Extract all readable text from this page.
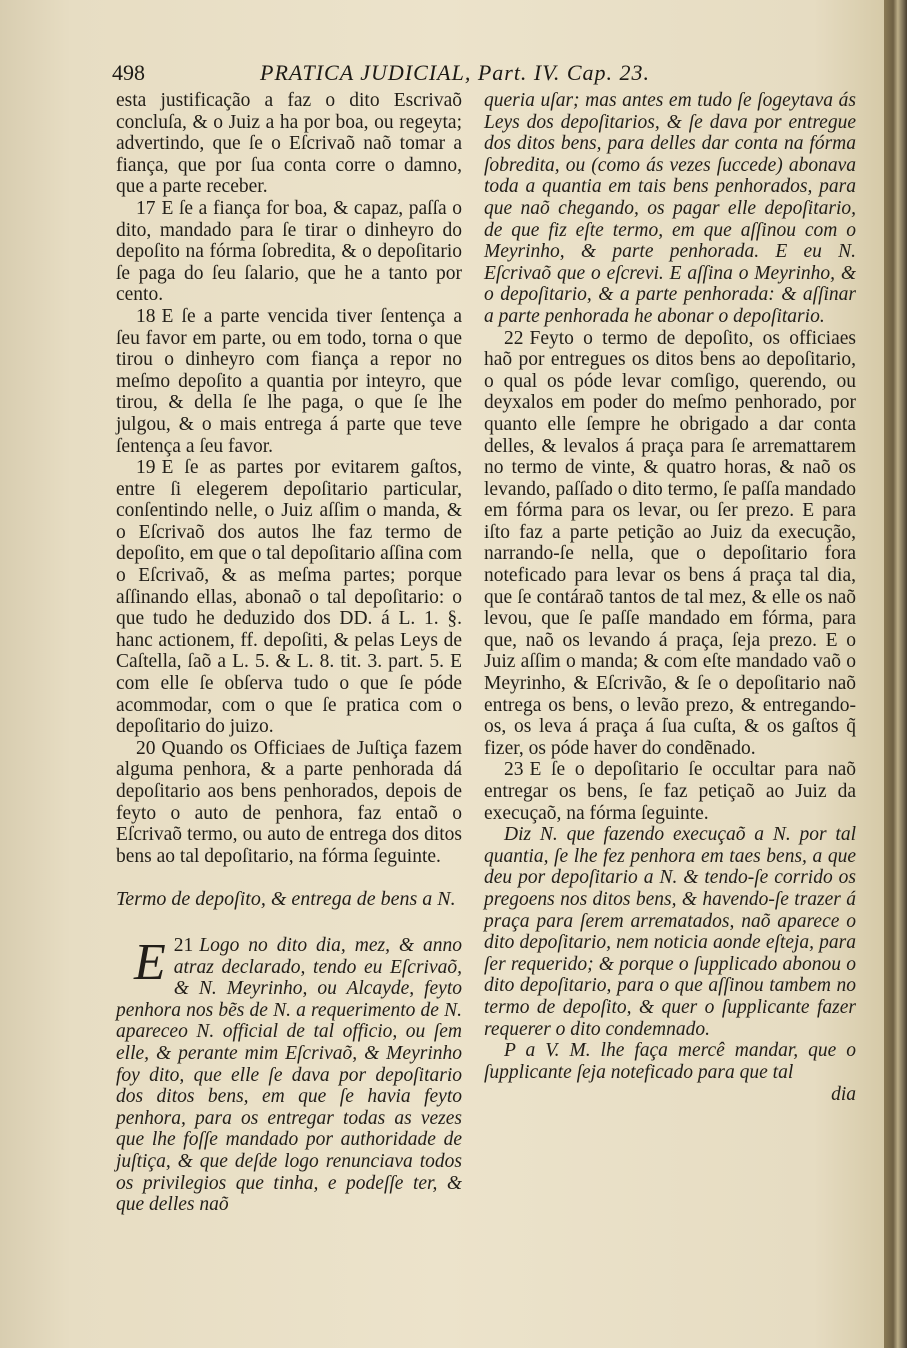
498	PRATICA JUDICIAL, Part. IV. Cap. 23.

esta justificação a faz o dito Escrivaõ concluſa, & o Juiz a ha por boa, ou regeyta; advertindo, que ſe o Eſcrivaõ naõ tomar a fiança, que por ſua conta corre o damno, que a parte receber.

17 E ſe a fiança for boa, & capaz, paſſa o dito, mandado para ſe tirar o dinheyro do depoſito na fórma ſobredita, & o depoſitario ſe paga do ſeu ſalario, que he a tanto por cento.

18 E ſe a parte vencida tiver ſentença a ſeu favor em parte, ou em todo, torna o que tirou o dinheyro com fiança a repor no meſmo depoſito a quantia por inteyro, que tirou, & della ſe lhe paga, o que ſe lhe julgou, & o mais entrega á parte que teve ſentença a ſeu favor.

19 E ſe as partes por evitarem gaſtos, entre ſi elegerem depoſitario particular, conſentindo nelle, o Juiz aſſim o manda, & o Eſcrivaõ dos autos lhe faz termo de depoſito, em que o tal depoſitario aſſina com o Eſcrivaõ, & as meſma partes; porque aſſinando ellas, abonaõ o tal depoſitario: o que tudo he deduzido dos DD. á L. 1. §. hanc actionem, ff. depoſiti, & pelas Leys de Caſtella, ſaõ a L. 5. & L. 8. tit. 3. part. 5. E com elle ſe obſerva tudo o que ſe póde acommodar, com o que ſe pratica com o depoſitario do juizo.

20 Quando os Officiaes de Juſtiça fazem alguma penhora, & a parte penhorada dá depoſitario aos bens penhorados, depois de feyto o auto de penhora, faz entaõ o Eſcrivaõ termo, ou auto de entrega dos ditos bens ao tal depoſitario, na fórma ſeguinte.

Termo de depoſito, & entrega de bens a N.

21
E Logo no dito dia, mez, & anno atraz declarado, tendo eu Eſcrivaõ, & N. Meyrinho, ou Alcayde, feyto penhora nos bẽs de N. a requerimento de N. apareceo N. official de tal officio, ou ſem elle, & perante mim Eſcrivaõ, & Meyrinho foy dito, que elle ſe dava por depoſitario dos ditos bens, em que ſe havia feyto penhora, para os entregar todas as vezes que lhe foſſe mandado por authoridade de juſtiça, & que deſde logo renunciava todos os privilegios que tinha, e podeſſe ter, & que delles naõ

queria uſar; mas antes em tudo ſe ſogeytava ás Leys dos depoſitarios, & ſe dava por entregue dos ditos bens, para delles dar conta na fórma ſobredita, ou (como ás vezes ſuccede) abonava toda a quantia em tais bens penhorados, para que naõ chegando, os pagar elle depoſitario, de que fiz eſte termo, em que aſſinou com o Meyrinho, & parte penhorada. E eu N. Eſcrivaõ que o eſcrevi. E aſſina o Meyrinho, & o depoſitario, & a parte penhorada: & aſſinar a parte penhorada he abonar o depoſitario.

22 Feyto o termo de depoſito, os officiaes haõ por entregues os ditos bens ao depoſitario, o qual os póde levar comſigo, querendo, ou deyxalos em poder do meſmo penhorado, por quanto elle ſempre he obrigado a dar conta delles, & levalos á praça para ſe arremattarem no termo de vinte, & quatro horas, & naõ os levando, paſſado o dito termo, ſe paſſa mandado em fórma para os levar, ou ſer prezo. E para iſto faz a parte petição ao Juiz da execução, narrando-ſe nella, que o depoſitario fora noteficado para levar os bens á praça tal dia, que ſe contáraõ tantos de tal mez, & elle os naõ levou, que ſe paſſe mandado em fórma, para que, naõ os levando á praça, ſeja prezo. E o Juiz aſſim o manda; & com eſte mandado vaõ o Meyrinho, & Eſcrivão, & ſe o depoſitario naõ entrega os bens, o levão prezo, & entregando-os, os leva á praça á ſua cuſta, & os gaſtos q̃ fizer, os póde haver do condẽnado.

23 E ſe o depoſitario ſe occultar para naõ entregar os bens, ſe faz petiçaõ ao Juiz da execuçaõ, na fórma ſeguinte.

Diz N. que fazendo execuçaõ a N. por tal quantia, ſe lhe fez penhora em taes bens, a que deu por depoſitario a N. & tendo-ſe corrido os pregoens nos ditos bens, & havendo-ſe trazer á praça para ſerem arrematados, naõ aparece o dito depoſitario, nem noticia aonde eſteja, para ſer requerido; & porque o ſupplicado abonou o dito depoſitario, para o que aſſinou tambem no termo de depoſito, & quer o ſupplicante fazer requerer o dito condemnado.

P a V. M. lhe faça mercê mandar, que o ſupplicante ſeja noteficado para que tal

dia
